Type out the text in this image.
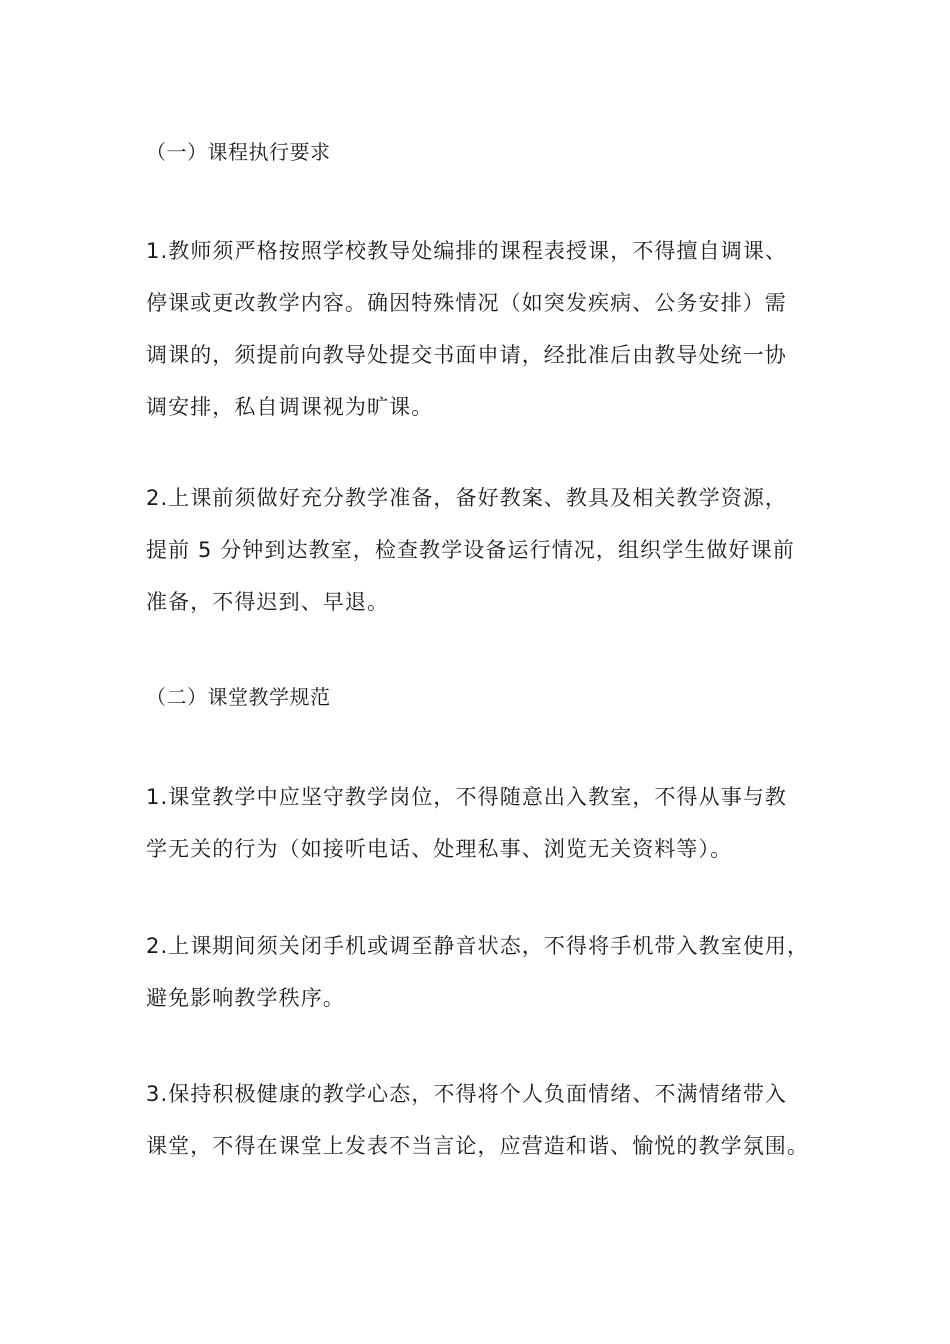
（一）课程执行要求
1.教师须严格按照学校教导处编排的课程表授课，不得擅自调课、
停课或更改教学内容。确因特殊情况（如突发疾病、公务安排）需
调课的，须提前向教导处提交书面申请，经批准后由教导处统一协
调安排，私自调课视为旷课。
2.上课前须做好充分教学准备，备好教案、教具及相关教学资源，
提前 5 分钟到达教室，检查教学设备运行情况，组织学生做好课前
准备，不得迟到、早退。
（二）课堂教学规范
1.课堂教学中应坚守教学岗位，不得随意出入教室，不得从事与教
学无关的行为（如接听电话、处理私事、浏览无关资料等）。
2.上课期间须关闭手机或调至静音状态，不得将手机带入教室使用，
避免影响教学秩序。
3.保持积极健康的教学心态，不得将个人负面情绪、不满情绪带入
课堂，不得在课堂上发表不当言论，应营造和谐、愉悦的教学氛围。
